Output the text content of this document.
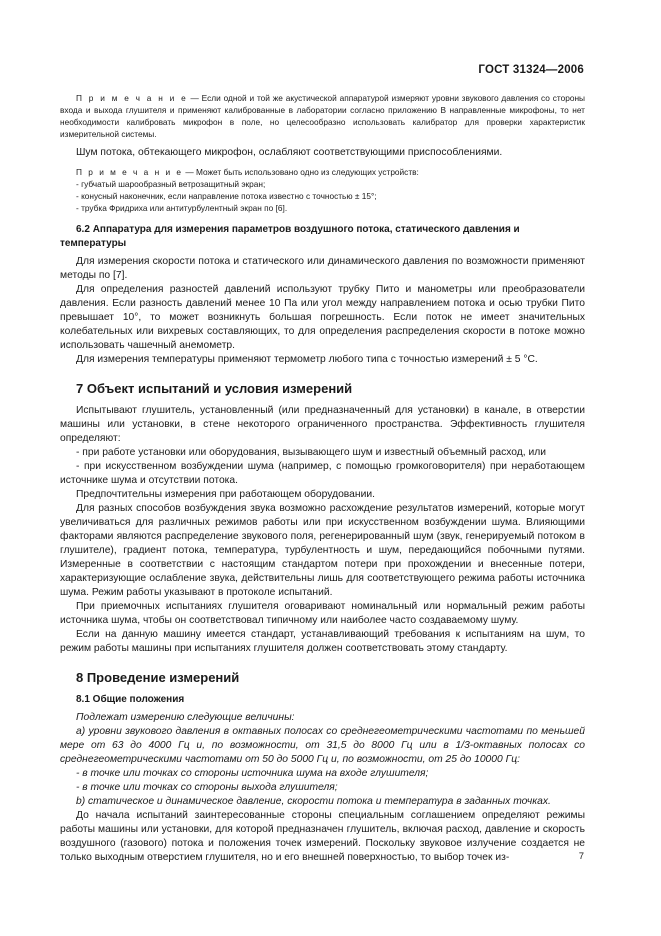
ГОСТ 31324—2006

П р и м е ч а н и е — Если одной и той же акустической аппаратурой измеряют уровни звукового давления со стороны входа и выхода глушителя и применяют калиброванные в лаборатории согласно приложению В направленные микрофоны, то нет необходимости калибровать микрофон в поле, но целесообразно использовать калибратор для проверки характеристик измерительной системы.

Шум потока, обтекающего микрофон, ослабляют соответствующими приспособлениями.

П р и м е ч а н и е — Может быть использовано одно из следующих устройств:

- губчатый шарообразный ветрозащитный экран;

- конусный наконечник, если направление потока известно с точностью ± 15°;

- трубка Фридриха или антитурбулентный экран по [6].

6.2 Аппаратура для измерения параметров воздушного потока, статического давления и

температуры

Для измерения скорости потока и статического или динамического давления по возможности применяют методы по [7].

Для определения разностей давлений используют трубку Пито и манометры или преобразователи давления. Если разность давлений менее 10 Па или угол между направлением потока и осью трубки Пито превышает 10°, то может возникнуть большая погрешность. Если поток не имеет значительных колебательных или вихревых составляющих, то для определения распределения скорости в потоке можно использовать чашечный анемометр.

Для измерения температуры применяют термометр любого типа с точностью измерений ± 5 °С.

7 Объект испытаний и условия измерений

Испытывают глушитель, установленный (или предназначенный для установки) в канале, в отверстии машины или установки, в стене некоторого ограниченного пространства. Эффективность глушителя определяют:

- при работе установки или оборудования, вызывающего шум и известный объемный расход, или

- при искусственном возбуждении шума (например, с помощью громкоговорителя) при неработающем источнике шума и отсутствии потока.

Предпочтительны измерения при работающем оборудовании.

Для разных способов возбуждения звука возможно расхождение результатов измерений, которые могут увеличиваться для различных режимов работы или при искусственном возбуждении шума. Влияющими факторами являются распределение звукового поля, регенерированный шум (звук, генерируемый потоком в глушителе), градиент потока, температура, турбулентность и шум, передающийся побочными путями. Измеренные в соответствии с настоящим стандартом потери при прохождении и внесенные потери, характеризующие ослабление звука, действительны лишь для соответствующего режима работы источника шума. Режим работы указывают в протоколе испытаний.

При приемочных испытаниях глушителя оговаривают номинальный или нормальный режим работы источника шума, чтобы он соответствовал типичному или наиболее часто создаваемому шуму.

Если на данную машину имеется стандарт, устанавливающий требования к испытаниям на шум, то режим работы машины при испытаниях глушителя должен соответствовать этому стандарту.

8 Проведение измерений

8.1 Общие положения

Подлежат измерению следующие величины:

а) уровни звукового давления в октавных полосах со среднегеометрическими частотами по меньшей мере от 63 до 4000 Гц и, по возможности, от 31,5 до 8000 Гц или в 1/3-октавных полосах со среднегеометрическими частотами от 50 до 5000 Гц и, по возможности, от 25 до 10000 Гц:

- в точке или точках со стороны источника шума на входе глушителя;

- в точке или точках со стороны выхода глушителя;

b) статическое и динамическое давление, скорости потока и температура в заданных точках.

До начала испытаний заинтересованные стороны специальным соглашением определяют режимы работы машины или установки, для которой предназначен глушитель, включая расход, давление и скорость воздушного (газового) потока и положения точек измерений. Поскольку звуковое излучение создается не только выходным отверстием глушителя, но и его внешней поверхностью, то выбор точек из-	7
